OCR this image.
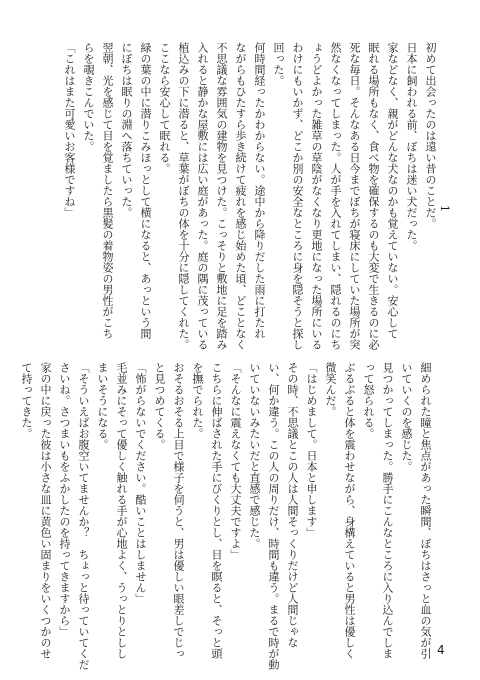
1
初めて出会ったのは遠い昔のことだ。
日本に飼われる前、ぼちは迷い犬だった。
家などなく、親がどんな犬なのかも覚えていない。安心して
眠れる場所もなく、食べ物を確保するのも大変で生きるのに必
死な毎日。そんなある日今までぼちが寝床にしていた場所が突
然なくなってしまった。人が手を入れてしまい、隠れるのにち
ょうどよかった雑草の草陰がなくなり更地になった場所にいる
わけにもいかず、どこか別の安全なところに身を隠そうと探し
回った。
何時間経ったかわからない。途中から降りだした雨に打たれ
ながらもひたすら歩き続けて疲れを感じ始めた頃、どことなく
不思議な雰囲気の建物を見つけた。こっそりと敷地に足を踏み
入れると静かな屋敷には広い庭があった。庭の隅に茂っている
植込みの下に潜ると、草葉がぼちの体を十分に隠してくれた。
ここなら安心して眠れる。
緑の葉の中に潜りこみほっとして横になると、あっという間
にぼちは眠りの淵へ落ちていった。
翌朝、光を感じて目を覚ましたら黒髪の着物姿の男性がこち
らを覗きこんでいた。
「これはまた可愛いお客様ですね」
細められた瞳と焦点があった瞬間、ぼちはさっと血の気が引
いていくのを感じた。
見つかってしまった。勝手にこんなところに入り込んでしま
って怒られる。
ぶるぶると体を震わせながら、身構えていると男性は優しく
微笑んだ。
「はじめまして。日本と申します」
その時、不思議とこの人は人間そっくりだけど人間じゃな
い、何か違う。この人の周りだけ、時間も違う。まるで時が動
いていないみたいだと直感で感じた。
「そんなに震えなくても大丈夫ですよ」
こちらに伸ばされた手にびくりとし、目を瞑ると、そっと頭
を撫でられた。
おそるおそる上目で様子を伺うと、男は優しい眼差しでじっ
と見つめてくる。
「怖がらないでください。酷いことはしません」
毛並みにそって優しく触れる手が心地よく、うっとりとしし
まいそうになる。
「そういえばお腹空いてませんか？　ちょっと待っていてくだ
さいね。さつまいもをふかしたのを持ってきますから」
家の中に戻った彼は小さな皿に黄色い固まりをいくつかのせ
て持ってきた。
4
